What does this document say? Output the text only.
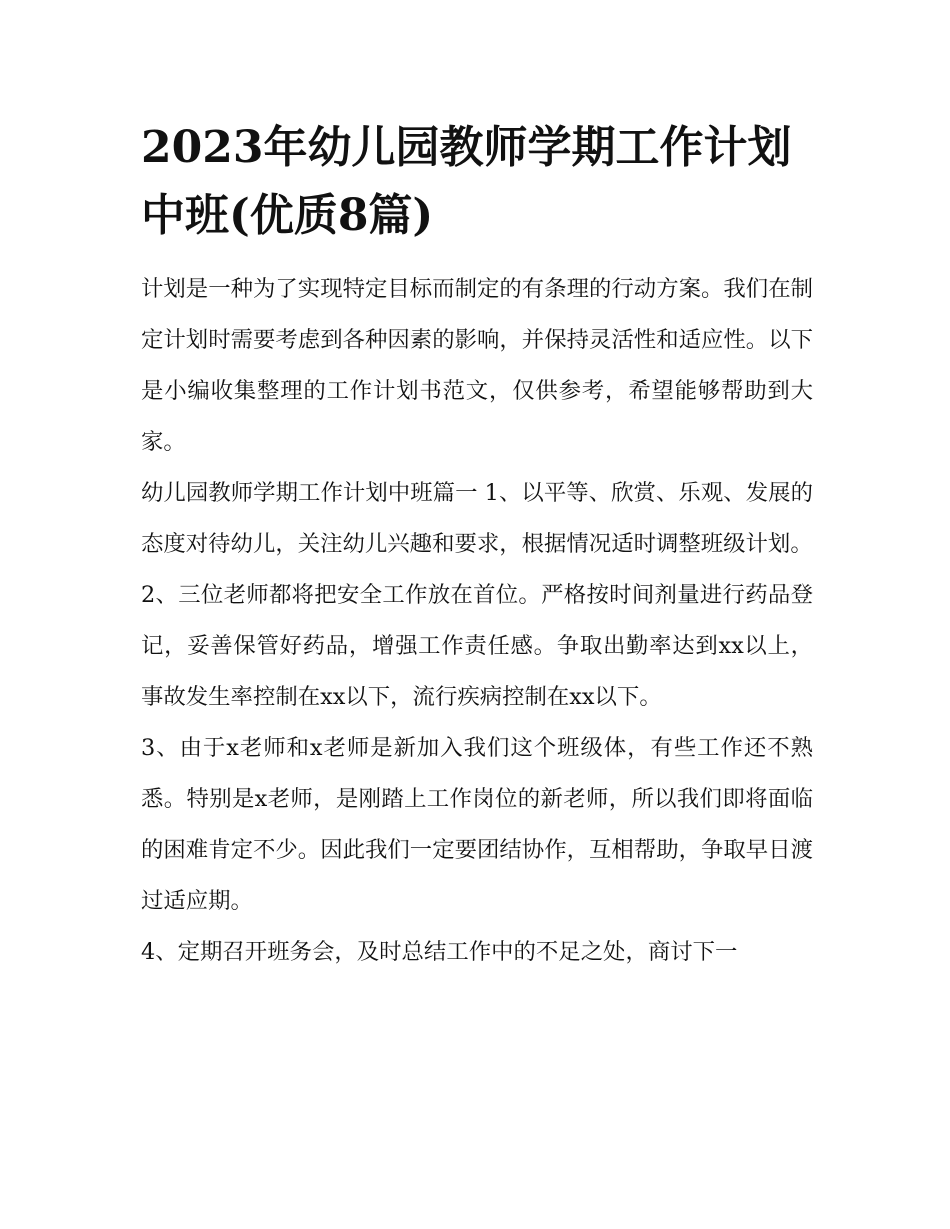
2023年幼儿园教师学期工作计划中班(优质8篇)

计划是一种为了实现特定目标而制定的有条理的行动方案。我们在制定计划时需要考虑到各种因素的影响，并保持灵活性和适应性。以下是小编收集整理的工作计划书范文，仅供参考，希望能够帮助到大家。

幼儿园教师学期工作计划中班篇一 1、以平等、欣赏、乐观、发展的态度对待幼儿，关注幼儿兴趣和要求，根据情况适时调整班级计划。

2、三位老师都将把安全工作放在首位。严格按时间剂量进行药品登记，妥善保管好药品，增强工作责任感。争取出勤率达到xx以上，事故发生率控制在xx以下，流行疾病控制在xx以下。

3、由于x老师和x老师是新加入我们这个班级体，有些工作还不熟悉。特别是x老师，是刚踏上工作岗位的新老师，所以我们即将面临的困难肯定不少。因此我们一定要团结协作，互相帮助，争取早日渡过适应期。

4、定期召开班务会，及时总结工作中的不足之处，商讨下一
